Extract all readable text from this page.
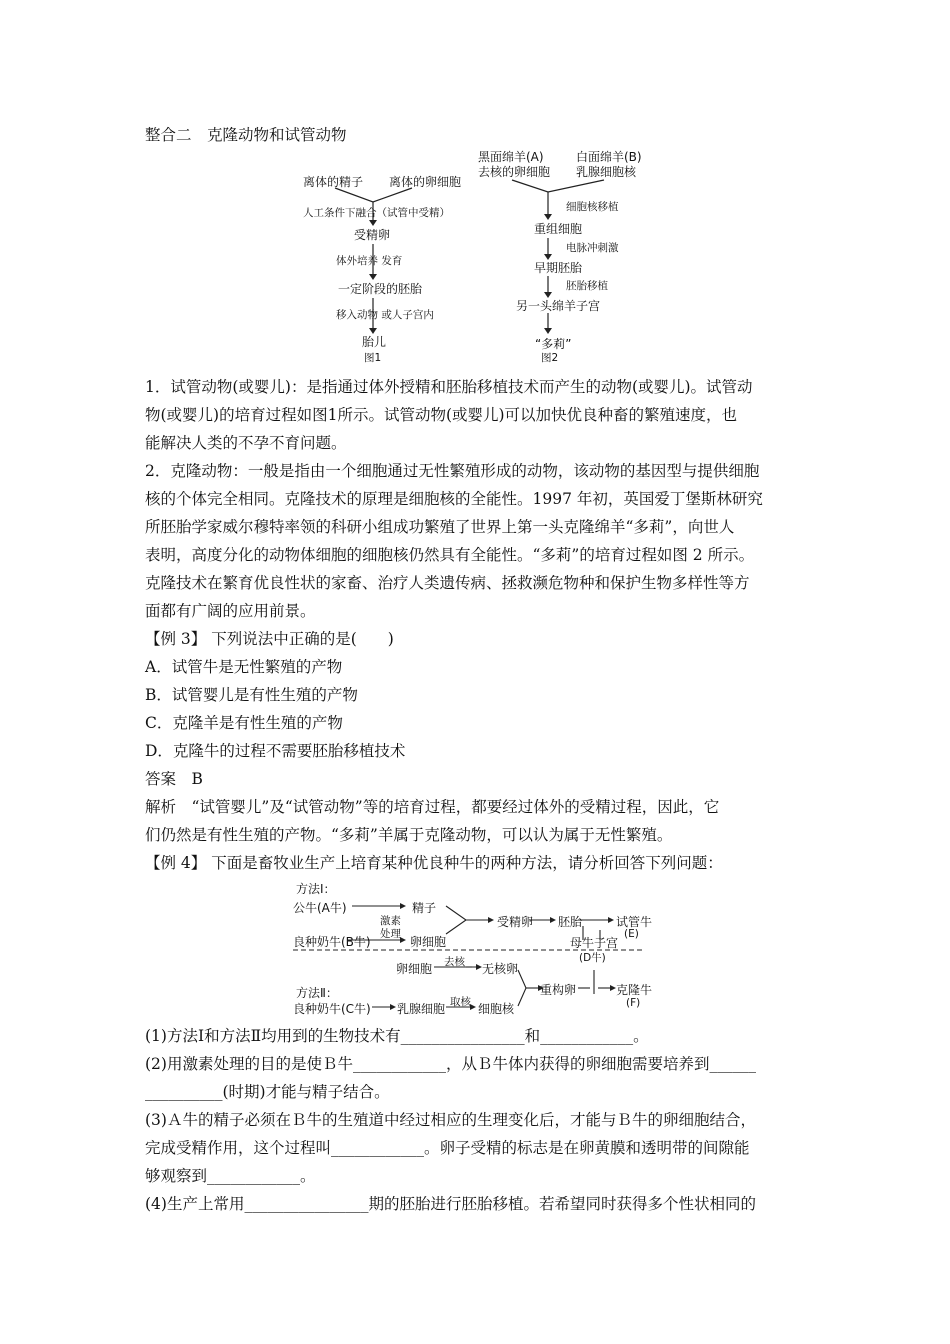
整合二　克隆动物和试管动物
离体的精子 离体的卵细胞
人工条件下融合（试管中受精）
受精卵
体外培养 发育
一定阶段的胚胎
移入动物 或人子宫内
胎儿
图1
黑面绵羊(A)
去核的卵细胞
白面绵羊(B)
乳腺细胞核
细胞核移植
重组细胞
电脉冲刺激
早期胚胎
胚胎移植
另一头绵羊子宫
“多莉”
图2
1．试管动物(或婴儿)：是指通过体外授精和胚胎移植技术而产生的动物(或婴儿)。试管动
物(或婴儿)的培育过程如图1所示。试管动物(或婴儿)可以加快优良种畜的繁殖速度，也
能解决人类的不孕不育问题。
2．克隆动物：一般是指由一个细胞通过无性繁殖形成的动物，该动物的基因型与提供细胞
核的个体完全相同。克隆技术的原理是细胞核的全能性。1997 年初，英国爱丁堡斯林研究
所胚胎学家威尔穆特率领的科研小组成功繁殖了世界上第一头克隆绵羊“多莉”，向世人
表明，高度分化的动物体细胞的细胞核仍然具有全能性。“多莉”的培育过程如图 2 所示。
克隆技术在繁育优良性状的家畜、治疗人类遗传病、拯救濒危物种和保护生物多样性等方
面都有广阔的应用前景。
【例 3】 下列说法中正确的是(　　)
A．试管牛是无性繁殖的产物
B．试管婴儿是有性生殖的产物
C．克隆羊是有性生殖的产物
D．克隆牛的过程不需要胚胎移植技术
答案　B
解析　“试管婴儿”及“试管动物”等的培育过程，都要经过体外的受精过程，因此，它
们仍然是有性生殖的产物。“多莉”羊属于克隆动物，可以认为属于无性繁殖。
【例 4】 下面是畜牧业生产上培育某种优良种牛的两种方法，请分析回答下列问题：
方法Ⅰ：
公牛(A牛)	精子
激素
处理
良种奶牛(B牛)	卵细胞
受精卵 胚胎	试管牛
(E)
母牛子宫
(D牛)
方法Ⅱ：
卵细胞 去核 无核卵
良种奶牛(C牛) 乳腺细胞 取核 细胞核
重构卵	克隆牛
(F)
(1)方法Ⅰ和方法Ⅱ均用到的生物技术有________________和____________。
(2)用激素处理的目的是使Ｂ牛____________，从Ｂ牛体内获得的卵细胞需要培养到______
__________(时期)才能与精子结合。
(3)Ａ牛的精子必须在Ｂ牛的生殖道中经过相应的生理变化后，才能与Ｂ牛的卵细胞结合，
完成受精作用，这个过程叫____________。卵子受精的标志是在卵黄膜和透明带的间隙能
够观察到____________。
(4)生产上常用________________期的胚胎进行胚胎移植。若希望同时获得多个性状相同的
